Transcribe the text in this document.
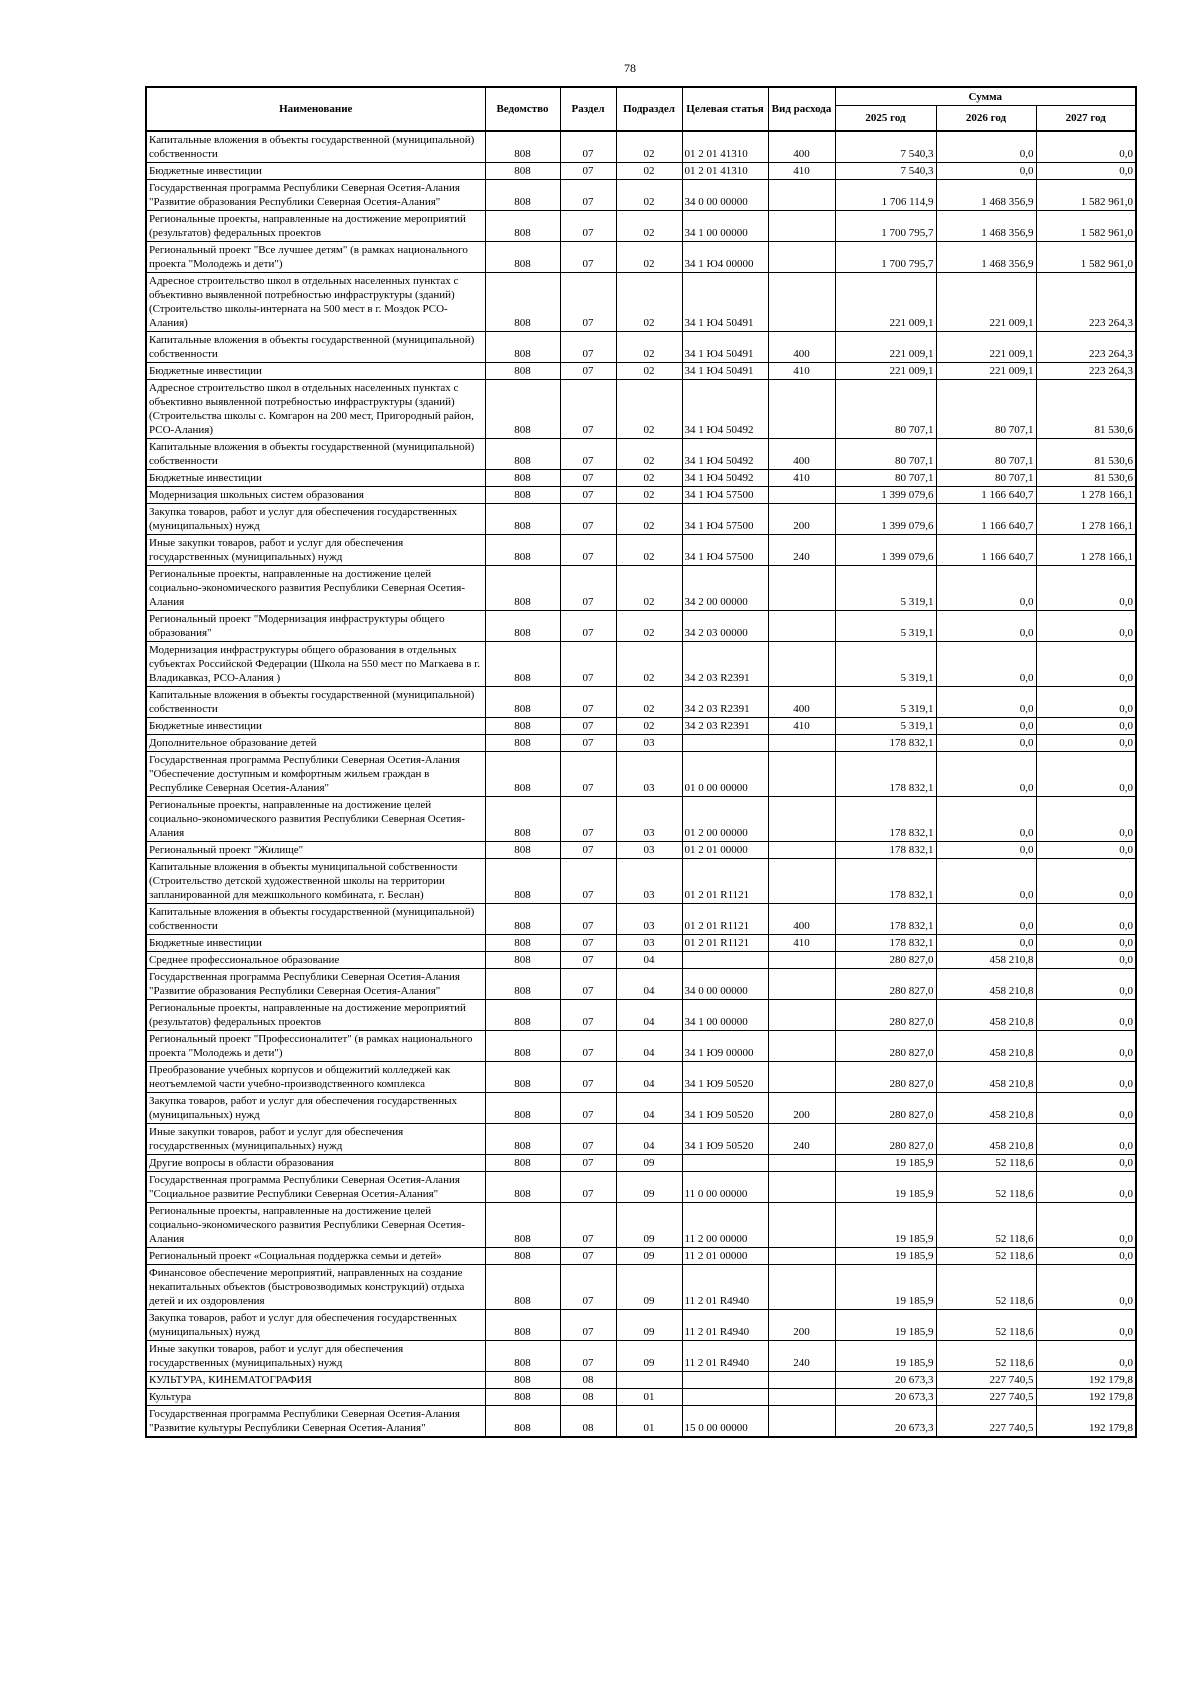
78
Наименование	Ведомство	Раздел	Подраздел	Целевая статья	Вид расхода	Сумма		
						2025 год	2026 год	2027 год
Капитальные вложения в объекты государственной (муниципальной) собственности	808	07	02	01 2 01 41310	400	7 540,3	0,0	0,0
Бюджетные инвестиции	808	07	02	01 2 01 41310	410	7 540,3	0,0	0,0
Государственная программа Республики Северная Осетия-Алания "Развитие образования Республики Северная Осетия-Алания"	808	07	02	34 0 00 00000		1 706 114,9	1 468 356,9	1 582 961,0
Региональные проекты, направленные на достижение мероприятий (результатов) федеральных проектов	808	07	02	34 1 00 00000		1 700 795,7	1 468 356,9	1 582 961,0
Региональный проект "Все лучшее детям" (в рамках национального проекта "Молодежь и дети")	808	07	02	34 1 Ю4 00000		1 700 795,7	1 468 356,9	1 582 961,0
Адресное строительство школ в отдельных населенных пунктах с объективно выявленной потребностью инфраструктуры (зданий) (Строительство школы-интерната на 500 мест в г. Моздок РСО-Алания)	808	07	02	34 1 Ю4 50491		221 009,1	221 009,1	223 264,3
Капитальные вложения в объекты государственной (муниципальной) собственности	808	07	02	34 1 Ю4 50491	400	221 009,1	221 009,1	223 264,3
Бюджетные инвестиции	808	07	02	34 1 Ю4 50491	410	221 009,1	221 009,1	223 264,3
Адресное строительство школ в отдельных населенных пунктах с объективно выявленной потребностью инфраструктуры (зданий) (Строительства школы с. Комгарон на 200 мест, Пригородный район, РСО-Алания)	808	07	02	34 1 Ю4 50492		80 707,1	80 707,1	81 530,6
Капитальные вложения в объекты государственной (муниципальной) собственности	808	07	02	34 1 Ю4 50492	400	80 707,1	80 707,1	81 530,6
Бюджетные инвестиции	808	07	02	34 1 Ю4 50492	410	80 707,1	80 707,1	81 530,6
Модернизация школьных систем образования	808	07	02	34 1 Ю4 57500		1 399 079,6	1 166 640,7	1 278 166,1
Закупка товаров, работ и услуг для обеспечения государственных (муниципальных) нужд	808	07	02	34 1 Ю4 57500	200	1 399 079,6	1 166 640,7	1 278 166,1
Иные закупки товаров, работ и услуг для обеспечения государственных (муниципальных) нужд	808	07	02	34 1 Ю4 57500	240	1 399 079,6	1 166 640,7	1 278 166,1
Региональные проекты, направленные на достижение целей социально-экономического развития Республики Северная Осетия-Алания	808	07	02	34 2 00 00000		5 319,1	0,0	0,0
Региональный проект "Модернизация инфраструктуры общего образования"	808	07	02	34 2 03 00000		5 319,1	0,0	0,0
Модернизация инфраструктуры общего образования в отдельных субъектах Российской Федерации (Школа на 550 мест по Магкаева в г. Владикавказ, РСО-Алания )	808	07	02	34 2 03 R2391		5 319,1	0,0	0,0
Капитальные вложения в объекты государственной (муниципальной) собственности	808	07	02	34 2 03 R2391	400	5 319,1	0,0	0,0
Бюджетные инвестиции	808	07	02	34 2 03 R2391	410	5 319,1	0,0	0,0
Дополнительное образование детей	808	07	03			178 832,1	0,0	0,0
Государственная программа Республики Северная Осетия-Алания "Обеспечение доступным и комфортным жильем граждан в Республике Северная Осетия-Алания"	808	07	03	01 0 00 00000		178 832,1	0,0	0,0
Региональные проекты, направленные на достижение целей социально-экономического развития Республики Северная Осетия-Алания	808	07	03	01 2 00 00000		178 832,1	0,0	0,0
Региональный проект "Жилище"	808	07	03	01 2 01 00000		178 832,1	0,0	0,0
Капитальные вложения в объекты муниципальной собственности (Строительство детской художественной школы на территории запланированной для межшкольного комбината, г. Беслан)	808	07	03	01 2 01 R1121		178 832,1	0,0	0,0
Капитальные вложения в объекты государственной (муниципальной) собственности	808	07	03	01 2 01 R1121	400	178 832,1	0,0	0,0
Бюджетные инвестиции	808	07	03	01 2 01 R1121	410	178 832,1	0,0	0,0
Среднее профессиональное образование	808	07	04			280 827,0	458 210,8	0,0
Государственная программа Республики Северная Осетия-Алания "Развитие образования Республики Северная Осетия-Алания"	808	07	04	34 0 00 00000		280 827,0	458 210,8	0,0
Региональные проекты, направленные на достижение мероприятий (результатов) федеральных проектов	808	07	04	34 1 00 00000		280 827,0	458 210,8	0,0
Региональный проект "Профессионалитет" (в рамках национального проекта "Молодежь и дети")	808	07	04	34 1 Ю9 00000		280 827,0	458 210,8	0,0
Преобразование учебных корпусов и общежитий колледжей как неотъемлемой части учебно-производственного комплекса	808	07	04	34 1 Ю9 50520		280 827,0	458 210,8	0,0
Закупка товаров, работ и услуг для обеспечения государственных (муниципальных) нужд	808	07	04	34 1 Ю9 50520	200	280 827,0	458 210,8	0,0
Иные закупки товаров, работ и услуг для обеспечения государственных (муниципальных) нужд	808	07	04	34 1 Ю9 50520	240	280 827,0	458 210,8	0,0
Другие вопросы в области образования	808	07	09			19 185,9	52 118,6	0,0
Государственная программа Республики Северная Осетия-Алания "Социальное развитие Республики Северная Осетия-Алания"	808	07	09	11 0 00 00000		19 185,9	52 118,6	0,0
Региональные проекты, направленные на достижение целей социально-экономического развития Республики Северная Осетия-Алания	808	07	09	11 2 00 00000		19 185,9	52 118,6	0,0
Региональный проект «Социальная поддержка семьи и детей»	808	07	09	11 2 01 00000		19 185,9	52 118,6	0,0
Финансовое обеспечение мероприятий, направленных на создание некапитальных объектов (быстровозводимых конструкций) отдыха детей и их оздоровления	808	07	09	11 2 01 R4940		19 185,9	52 118,6	0,0
Закупка товаров, работ и услуг для обеспечения государственных (муниципальных) нужд	808	07	09	11 2 01 R4940	200	19 185,9	52 118,6	0,0
Иные закупки товаров, работ и услуг для обеспечения государственных (муниципальных) нужд	808	07	09	11 2 01 R4940	240	19 185,9	52 118,6	0,0
КУЛЬТУРА, КИНЕМАТОГРАФИЯ	808	08				20 673,3	227 740,5	192 179,8
Культура	808	08	01			20 673,3	227 740,5	192 179,8
Государственная программа Республики Северная Осетия-Алания "Развитие культуры Республики Северная Осетия-Алания"	808	08	01	15 0 00 00000		20 673,3	227 740,5	192 179,8
